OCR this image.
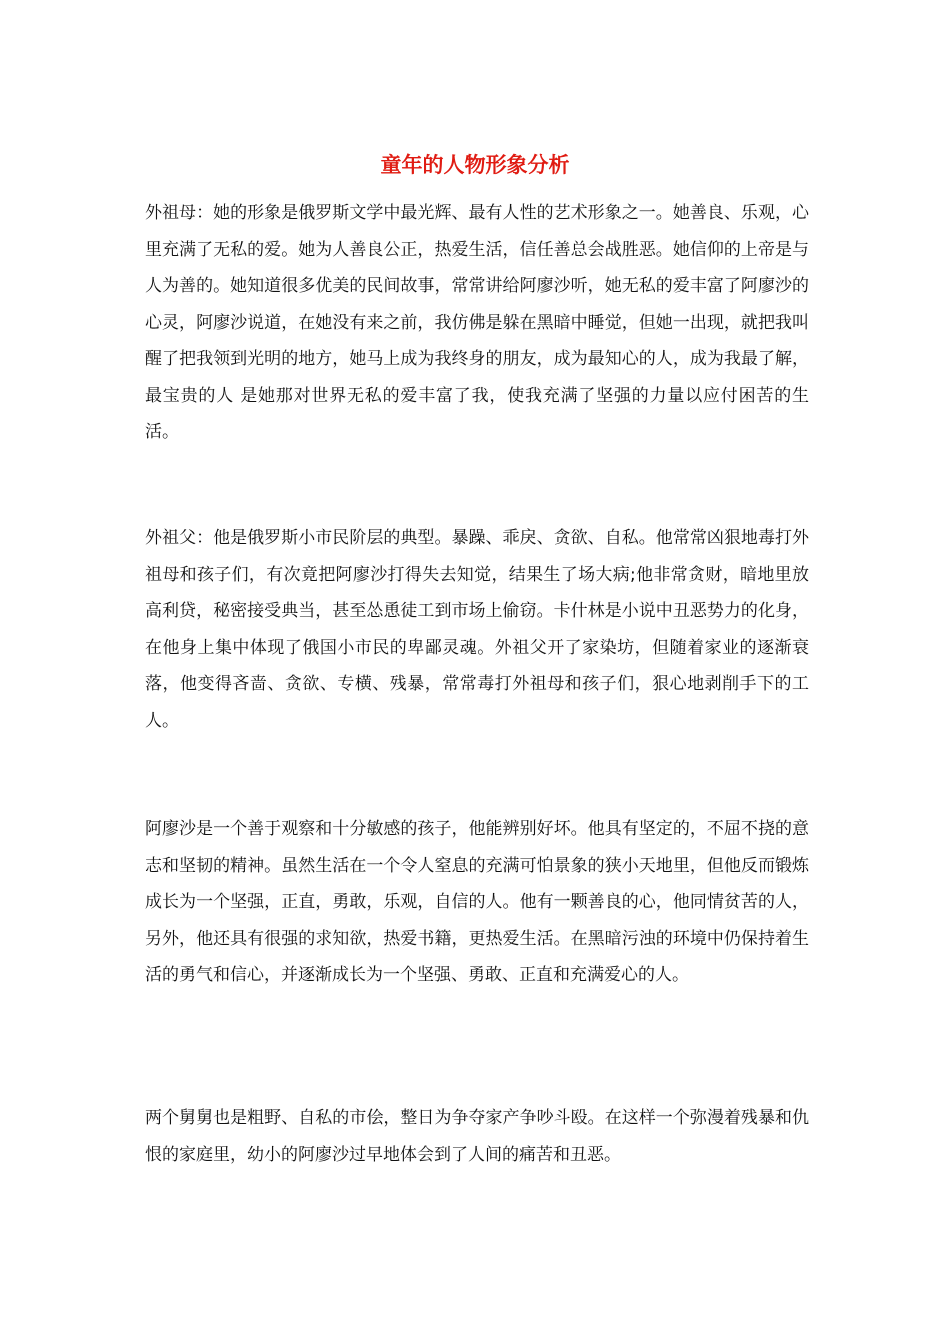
童年的人物形象分析

外祖母：她的形象是俄罗斯文学中最光辉、最有人性的艺术形象之一。她善良、乐观，心里充满了无私的爱。她为人善良公正，热爱生活，信任善总会战胜恶。她信仰的上帝是与人为善的。她知道很多优美的民间故事，常常讲给阿廖沙听，她无私的爱丰富了阿廖沙的心灵，阿廖沙说道，在她没有来之前，我仿佛是躲在黑暗中睡觉，但她一出现，就把我叫醒了把我领到光明的地方，她马上成为我终身的朋友，成为最知心的人，成为我最了解，最宝贵的人 是她那对世界无私的爱丰富了我，使我充满了坚强的力量以应付困苦的生活。

外祖父：他是俄罗斯小市民阶层的典型。暴躁、乖戾、贪欲、自私。他常常凶狠地毒打外祖母和孩子们，有次竟把阿廖沙打得失去知觉，结果生了场大病;他非常贪财，暗地里放高利贷，秘密接受典当，甚至怂恿徒工到市场上偷窃。卡什林是小说中丑恶势力的化身，在他身上集中体现了俄国小市民的卑鄙灵魂。外祖父开了家染坊，但随着家业的逐渐衰落，他变得吝啬、贪欲、专横、残暴，常常毒打外祖母和孩子们，狠心地剥削手下的工人。

阿廖沙是一个善于观察和十分敏感的孩子，他能辨别好坏。他具有坚定的，不屈不挠的意志和坚韧的精神。虽然生活在一个令人窒息的充满可怕景象的狭小天地里，但他反而锻炼成长为一个坚强，正直，勇敢，乐观，自信的人。他有一颗善良的心，他同情贫苦的人，另外，他还具有很强的求知欲，热爱书籍，更热爱生活。在黑暗污浊的环境中仍保持着生活的勇气和信心，并逐渐成长为一个坚强、勇敢、正直和充满爱心的人。

两个舅舅也是粗野、自私的市侩，整日为争夺家产争吵斗殴。在这样一个弥漫着残暴和仇恨的家庭里，幼小的阿廖沙过早地体会到了人间的痛苦和丑恶。
